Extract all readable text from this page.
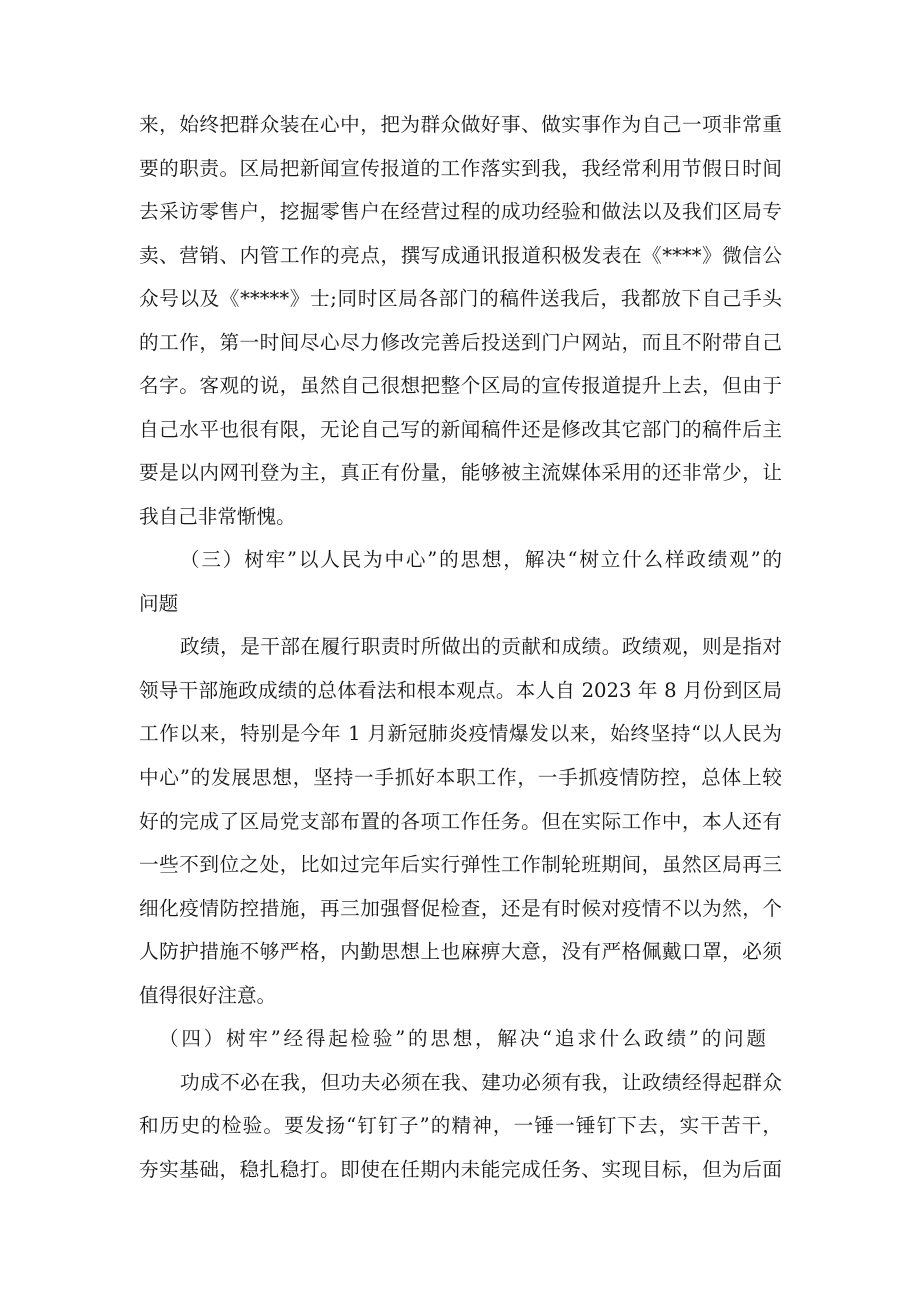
来，始终把群众装在心中，把为群众做好事、做实事作为自己一项非常重
要的职责。区局把新闻宣传报道的工作落实到我，我经常利用节假日时间
去采访零售户，挖掘零售户在经营过程的成功经验和做法以及我们区局专
卖、营销、内管工作的亮点，撰写成通讯报道积极发表在《****》微信公
众号以及《*****》士;同时区局各部门的稿件送我后，我都放下自己手头
的工作，第一时间尽心尽力修改完善后投送到门户网站，而且不附带自己
名字。客观的说，虽然自己很想把整个区局的宣传报道提升上去，但由于
自己水平也很有限，无论自己写的新闻稿件还是修改其它部门的稿件后主
要是以内网刊登为主，真正有份量，能够被主流媒体采用的还非常少，让
我自己非常惭愧。
（三）树牢”以人民为中心”的思想，解决“树立什么样政绩观”的
问题
政绩，是干部在履行职责时所做出的贡献和成绩。政绩观，则是指对
领导干部施政成绩的总体看法和根本观点。本人自 2023 年 8 月份到区局
工作以来，特别是今年 1 月新冠肺炎疫情爆发以来，始终坚持“以人民为
中心”的发展思想，坚持一手抓好本职工作，一手抓疫情防控，总体上较
好的完成了区局党支部布置的各项工作任务。但在实际工作中，本人还有
一些不到位之处，比如过完年后实行弹性工作制轮班期间，虽然区局再三
细化疫情防控措施，再三加强督促检查，还是有时候对疫情不以为然，个
人防护措施不够严格，内勤思想上也麻痹大意，没有严格佩戴口罩，必须
值得很好注意。
（四）树牢”经得起检验”的思想，解决“追求什么政绩”的问题
功成不必在我，但功夫必须在我、建功必须有我，让政绩经得起群众
和历史的检验。要发扬“钉钉子”的精神，一锤一锤钉下去，实干苦干，
夯实基础，稳扎稳打。即使在任期内未能完成任务、实现目标，但为后面
